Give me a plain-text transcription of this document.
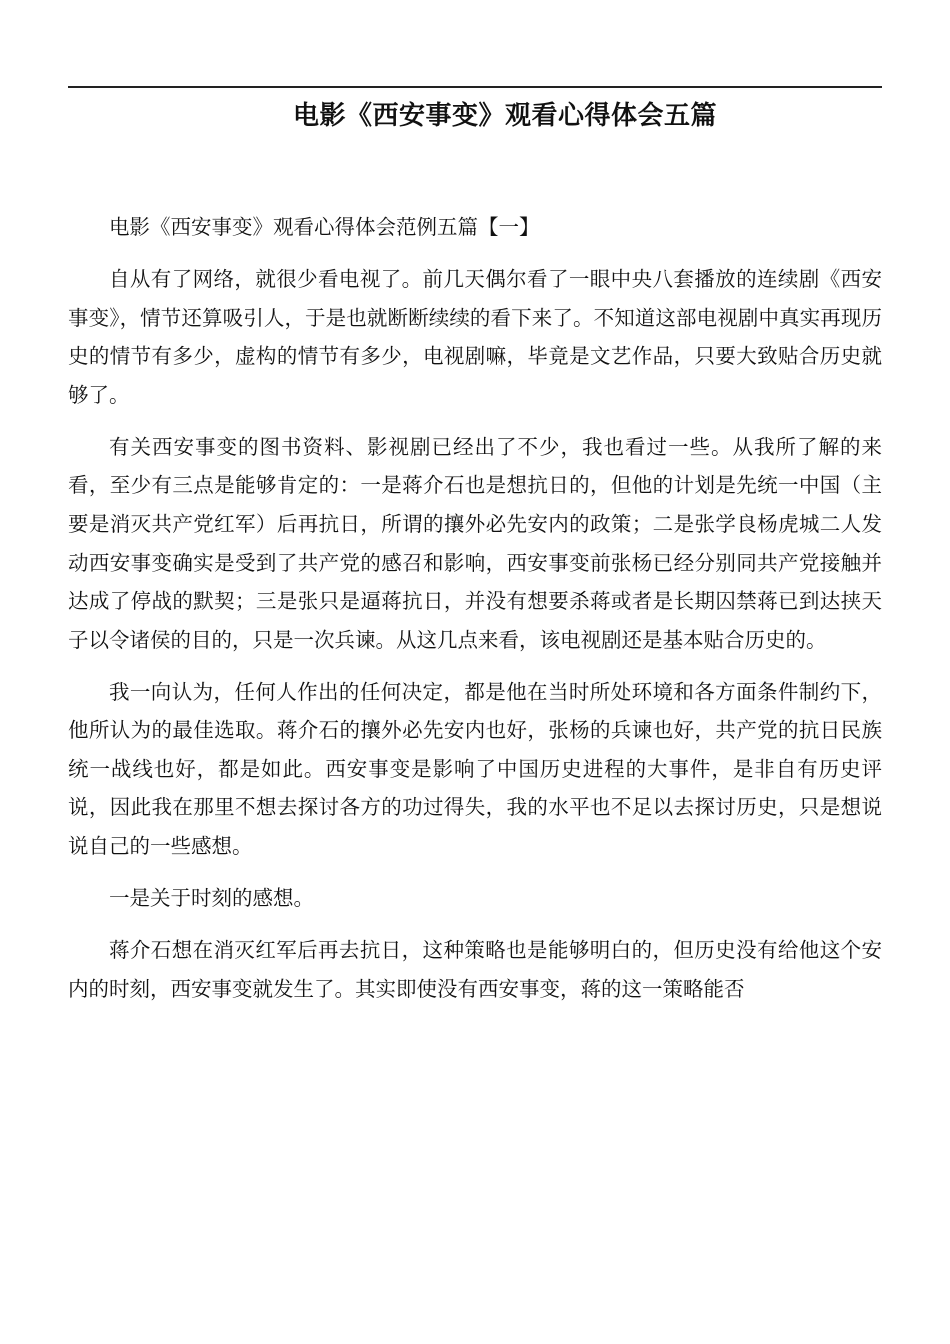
电影《西安事变》观看心得体会五篇

电影《西安事变》观看心得体会范例五篇【一】

自从有了网络，就很少看电视了。前几天偶尔看了一眼中央八套播放的连续剧《西安事变》，情节还算吸引人，于是也就断断续续的看下来了。不知道这部电视剧中真实再现历史的情节有多少，虚构的情节有多少，电视剧嘛，毕竟是文艺作品，只要大致贴合历史就够了。

有关西安事变的图书资料、影视剧已经出了不少，我也看过一些。从我所了解的来看，至少有三点是能够肯定的：一是蒋介石也是想抗日的，但他的计划是先统一中国（主要是消灭共产党红军）后再抗日，所谓的攘外必先安内的政策；二是张学良杨虎城二人发动西安事变确实是受到了共产党的感召和影响，西安事变前张杨已经分别同共产党接触并达成了停战的默契；三是张只是逼蒋抗日，并没有想要杀蒋或者是长期囚禁蒋已到达挟天子以令诸侯的目的，只是一次兵谏。从这几点来看，该电视剧还是基本贴合历史的。

我一向认为，任何人作出的任何决定，都是他在当时所处环境和各方面条件制约下，他所认为的最佳选取。蒋介石的攘外必先安内也好，张杨的兵谏也好，共产党的抗日民族统一战线也好，都是如此。西安事变是影响了中国历史进程的大事件，是非自有历史评说，因此我在那里不想去探讨各方的功过得失，我的水平也不足以去探讨历史，只是想说说自己的一些感想。

一是关于时刻的感想。

蒋介石想在消灭红军后再去抗日，这种策略也是能够明白的，但历史没有给他这个安内的时刻，西安事变就发生了。其实即使没有西安事变，蒋的这一策略能否
